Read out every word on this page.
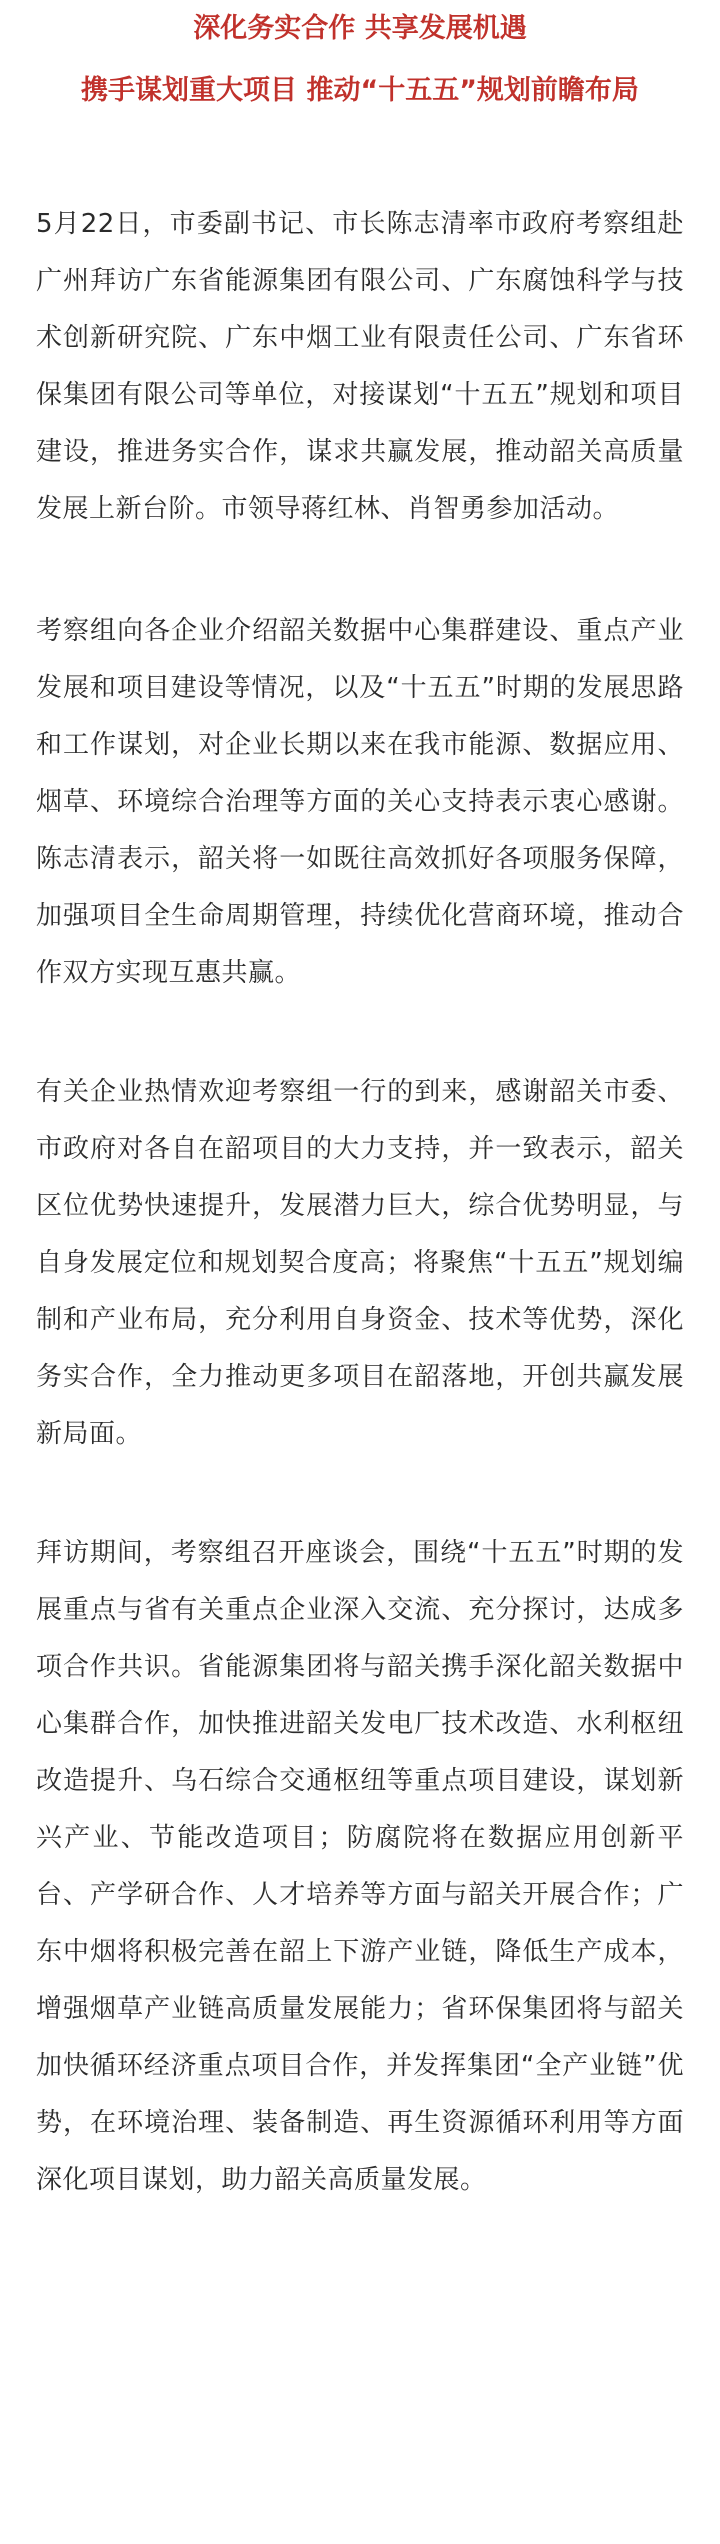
深化务实合作 共享发展机遇
携手谋划重大项目 推动“十五五”规划前瞻布局

5月22日，市委副书记、市长陈志清率市政府考察组赴广州拜访广东省能源集团有限公司、广东腐蚀科学与技术创新研究院、广东中烟工业有限责任公司、广东省环保集团有限公司等单位，对接谋划“十五五”规划和项目建设，推进务实合作，谋求共赢发展，推动韶关高质量发展上新台阶。市领导蒋红林、肖智勇参加活动。

考察组向各企业介绍韶关数据中心集群建设、重点产业发展和项目建设等情况，以及“十五五”时期的发展思路和工作谋划，对企业长期以来在我市能源、数据应用、烟草、环境综合治理等方面的关心支持表示衷心感谢。陈志清表示，韶关将一如既往高效抓好各项服务保障，加强项目全生命周期管理，持续优化营商环境，推动合作双方实现互惠共赢。

有关企业热情欢迎考察组一行的到来，感谢韶关市委、市政府对各自在韶项目的大力支持，并一致表示，韶关区位优势快速提升，发展潜力巨大，综合优势明显，与自身发展定位和规划契合度高；将聚焦“十五五”规划编制和产业布局，充分利用自身资金、技术等优势，深化务实合作，全力推动更多项目在韶落地，开创共赢发展新局面。

拜访期间，考察组召开座谈会，围绕“十五五”时期的发展重点与省有关重点企业深入交流、充分探讨，达成多项合作共识。省能源集团将与韶关携手深化韶关数据中心集群合作，加快推进韶关发电厂技术改造、水利枢纽改造提升、乌石综合交通枢纽等重点项目建设，谋划新兴产业、节能改造项目；防腐院将在数据应用创新平台、产学研合作、人才培养等方面与韶关开展合作；广东中烟将积极完善在韶上下游产业链，降低生产成本，增强烟草产业链高质量发展能力；省环保集团将与韶关加快循环经济重点项目合作，并发挥集团“全产业链”优势，在环境治理、装备制造、再生资源循环利用等方面深化项目谋划，助力韶关高质量发展。
